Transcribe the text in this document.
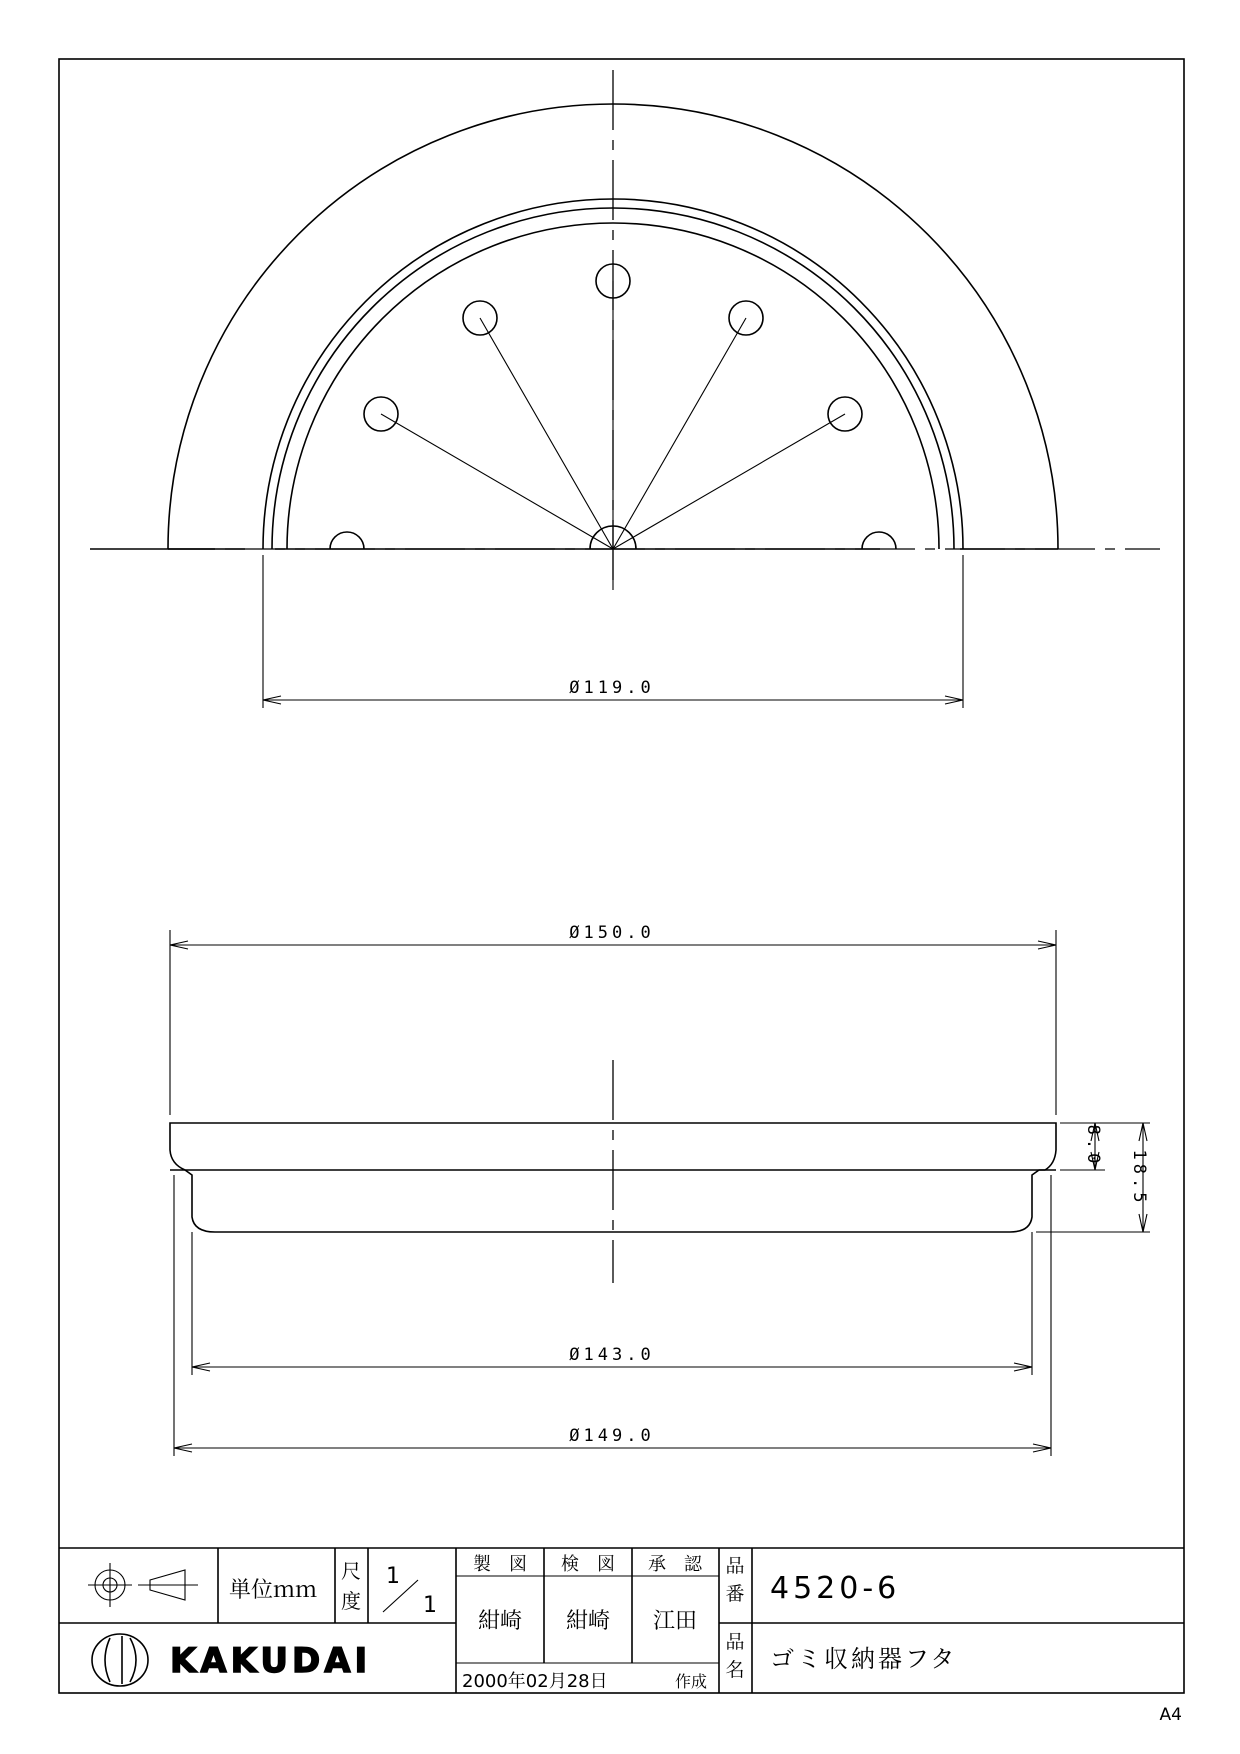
Ø119.0
Ø150.0
Ø143.0
Ø149.0
8.0
18.5
単位ｍｍ
尺
度
1
1
製　図 検　図 承　認
紺崎 紺崎 江田
2000年02月28日	作成
品
番 4520-6
品
名 ゴミ収納器フタ
KAKUDAI
A4
